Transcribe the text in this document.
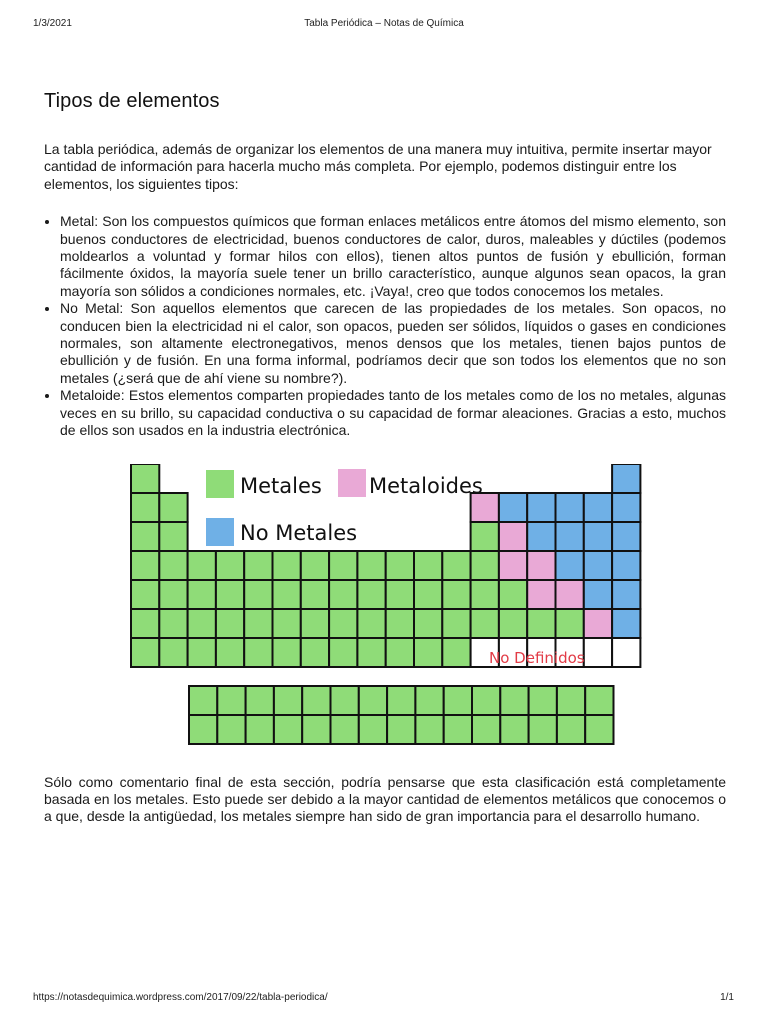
1/3/2021	Tabla Periódica – Notas de Química
Tipos de elementos

La tabla periódica, además de organizar los elementos de una manera muy intuitiva, permite insertar mayor cantidad de información para hacerla mucho más completa. Por ejemplo, podemos distinguir entre los elementos, los siguientes tipos:

• Metal: Son los compuestos químicos que forman enlaces metálicos entre átomos del mismo elemento, son buenos conductores de electricidad, buenos conductores de calor, duros, maleables y dúctiles (podemos moldearlos a voluntad y formar hilos con ellos), tienen altos puntos de fusión y ebullición, forman fácilmente óxidos, la mayoría suele tener un brillo característico, aunque algunos sean opacos, la gran mayoría son sólidos a condiciones normales, etc. ¡Vaya!, creo que todos conocemos los metales.
• No Metal: Son aquellos elementos que carecen de las propiedades de los metales. Son opacos, no conducen bien la electricidad ni el calor, son opacos, pueden ser sólidos, líquidos o gases en condiciones normales, son altamente electronegativos, menos densos que los metales, tienen bajos puntos de ebullición y de fusión. En una forma informal, podríamos decir que son todos los elementos que no son metales (¿será que de ahí viene su nombre?).
• Metaloide: Estos elementos comparten propiedades tanto de los metales como de los no metales, algunas veces en su brillo, su capacidad conductiva o su capacidad de formar aleaciones. Gracias a esto, muchos de ellos son usados en la industria electrónica.
Metales Metaloides
No Metales
No Definidos

Sólo como comentario final de esta sección, podría pensarse que esta clasificación está completamente basada en los metales. Esto puede ser debido a la mayor cantidad de elementos metálicos que conocemos o a que, desde la antigüedad, los metales siempre han sido de gran importancia para el desarrollo humano.

https://notasdequimica.wordpress.com/2017/09/22/tabla-periodica/	1/1
